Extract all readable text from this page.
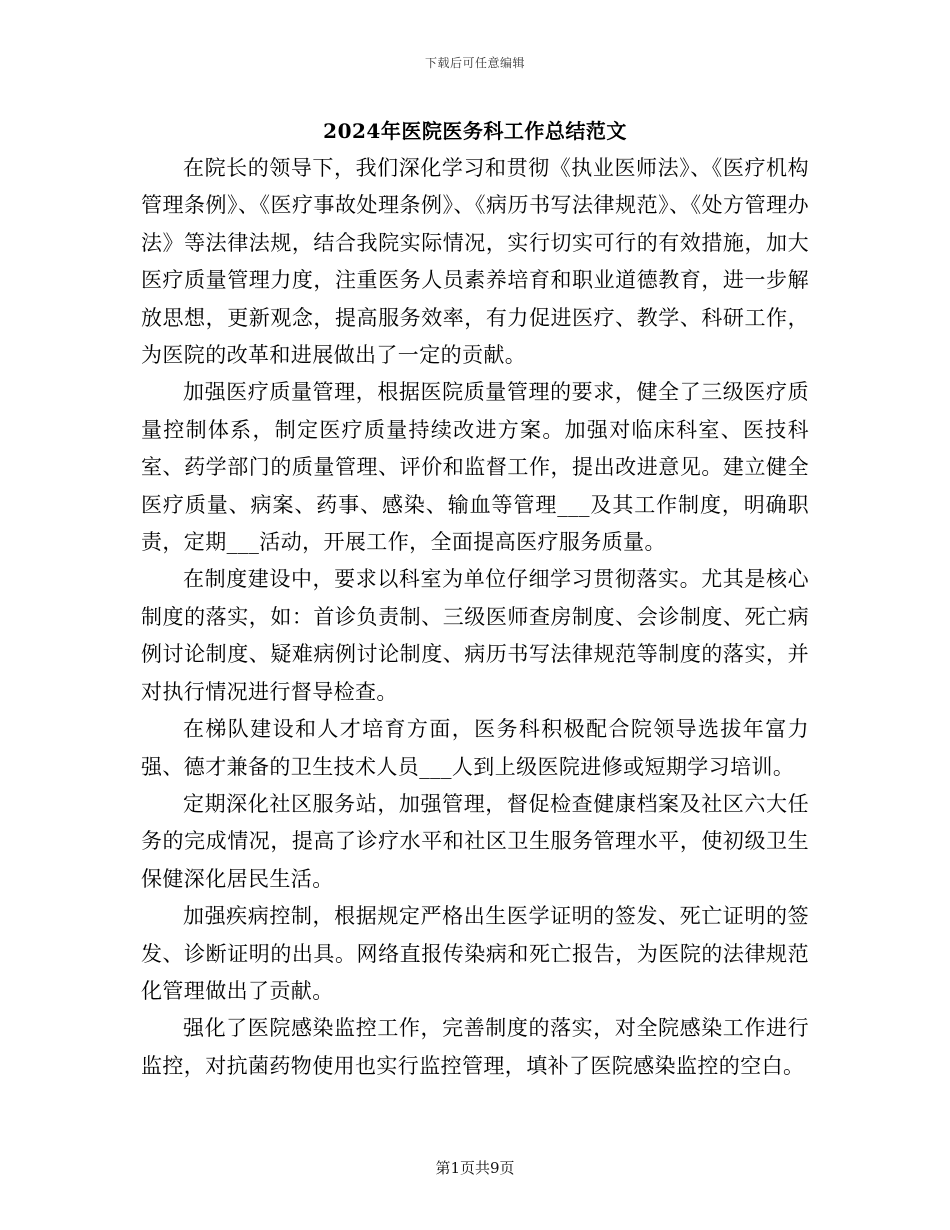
下载后可任意编辑
2024年医院医务科工作总结范文

在院长的领导下，我们深化学习和贯彻《执业医师法》、《医疗机构管理条例》、《医疗事故处理条例》、《病历书写法律规范》、《处方管理办法》等法律法规，结合我院实际情况，实行切实可行的有效措施，加大医疗质量管理力度，注重医务人员素养培育和职业道德教育，进一步解放思想，更新观念，提高服务效率，有力促进医疗、教学、科研工作，为医院的改革和进展做出了一定的贡献。

加强医疗质量管理，根据医院质量管理的要求，健全了三级医疗质量控制体系，制定医疗质量持续改进方案。加强对临床科室、医技科室、药学部门的质量管理、评价和监督工作，提出改进意见。建立健全医疗质量、病案、药事、感染、输血等管理___及其工作制度，明确职责，定期___活动，开展工作，全面提高医疗服务质量。

在制度建设中，要求以科室为单位仔细学习贯彻落实。尤其是核心制度的落实，如：首诊负责制、三级医师查房制度、会诊制度、死亡病例讨论制度、疑难病例讨论制度、病历书写法律规范等制度的落实，并对执行情况进行督导检查。

在梯队建设和人才培育方面，医务科积极配合院领导选拔年富力强、德才兼备的卫生技术人员___人到上级医院进修或短期学习培训。

定期深化社区服务站，加强管理，督促检查健康档案及社区六大任务的完成情况，提高了诊疗水平和社区卫生服务管理水平，使初级卫生保健深化居民生活。

加强疾病控制，根据规定严格出生医学证明的签发、死亡证明的签发、诊断证明的出具。网络直报传染病和死亡报告，为医院的法律规范化管理做出了贡献。

强化了医院感染监控工作，完善制度的落实，对全院感染工作进行监控，对抗菌药物使用也实行监控管理，填补了医院感染监控的空白。

第1页共9页
